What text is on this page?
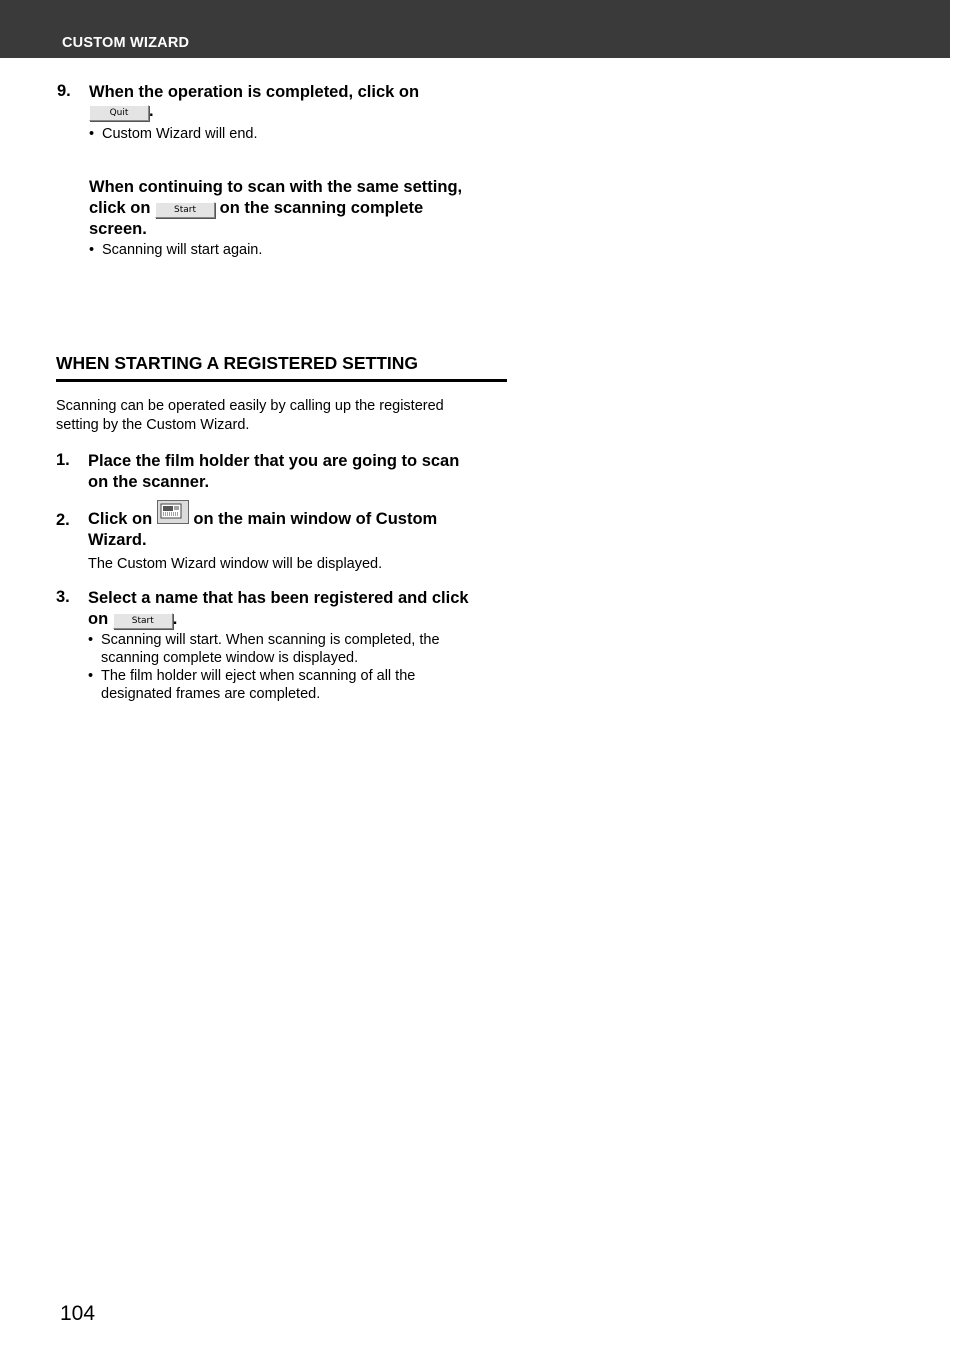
CUSTOM WIZARD
9. When the operation is completed, click on
Quit .
• Custom Wizard will end.
When continuing to scan with the same setting,
click on	Start on the scanning complete
screen.
• Scanning will start again.
WHEN STARTING A REGISTERED SETTING
Scanning can be operated easily by calling up the registered
setting by the Custom Wizard.
1. Place the film holder that you are going to scan
on the scanner.
2. Click on on the main window of Custom
Wizard.
The Custom Wizard window will be displayed.
3. Select a name that has been registered and click
on	Start .
• Scanning will start. When scanning is completed, the
scanning complete window is displayed.
• The film holder will eject when scanning of all the
designated frames are completed.
104
